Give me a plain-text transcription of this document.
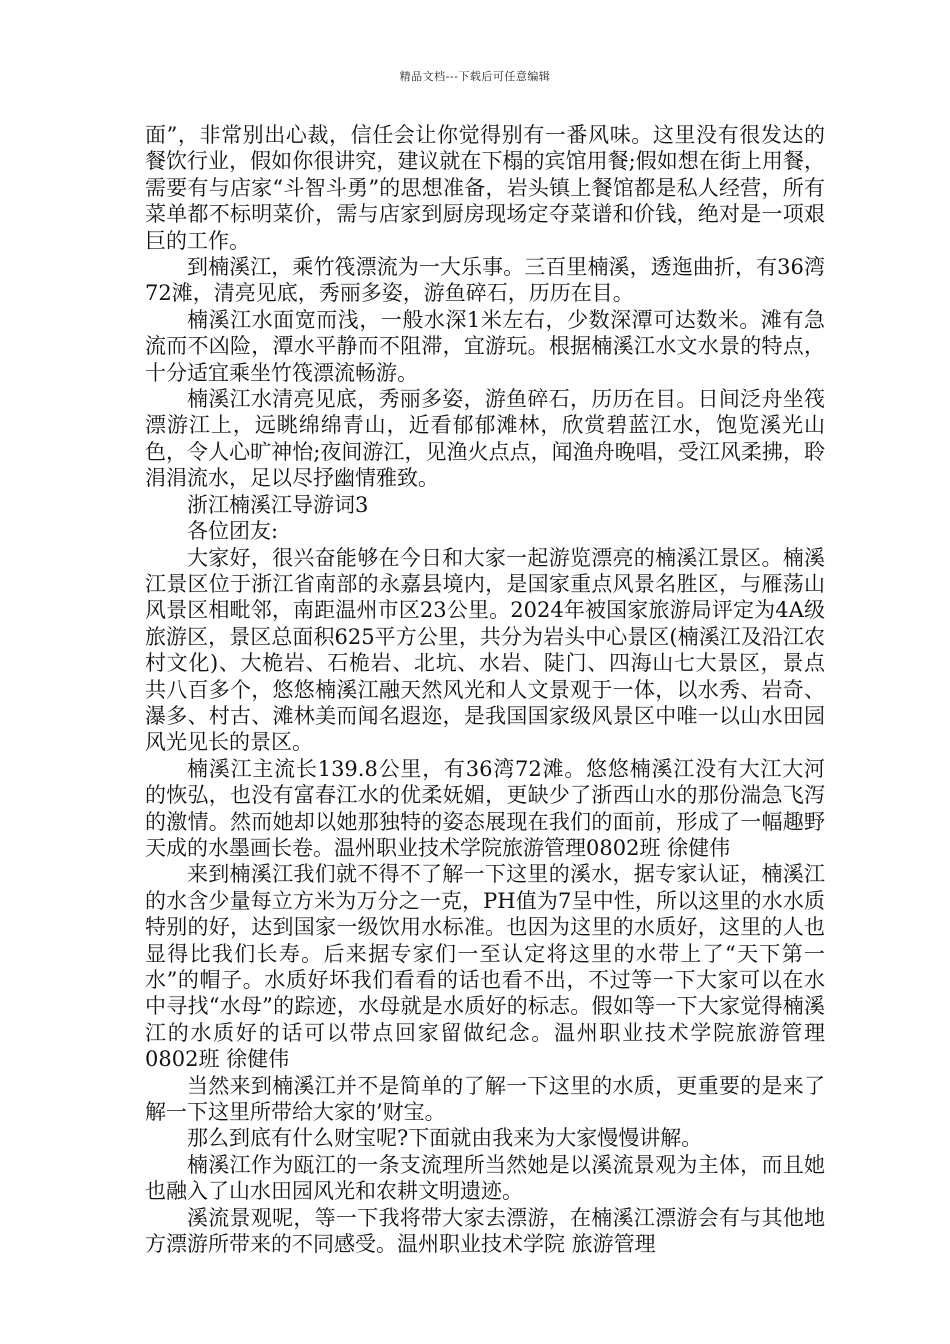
精品文档---下载后可任意编辑

面”，非常别出心裁，信任会让你觉得别有一番风味。这里没有很发达的餐饮行业，假如你很讲究，建议就在下榻的宾馆用餐;假如想在街上用餐，需要有与店家“斗智斗勇”的思想准备，岩头镇上餐馆都是私人经营，所有菜单都不标明菜价，需与店家到厨房现场定夺菜谱和价钱，绝对是一项艰巨的工作。

到楠溪江，乘竹筏漂流为一大乐事。三百里楠溪，透迤曲折，有36湾72滩，清亮见底，秀丽多姿，游鱼碎石，历历在目。

楠溪江水面宽而浅，一般水深1米左右，少数深潭可达数米。滩有急流而不凶险，潭水平静而不阻滞，宜游玩。根据楠溪江水文水景的特点，十分适宜乘坐竹筏漂流畅游。

楠溪江水清亮见底，秀丽多姿，游鱼碎石，历历在目。日间泛舟坐筏漂游江上，远眺绵绵青山，近看郁郁滩林，欣赏碧蓝江水，饱览溪光山色，令人心旷神怡;夜间游江，见渔火点点，闻渔舟晚唱，受江风柔拂，聆涓涓流水，足以尽抒幽情雅致。

浙江楠溪江导游词3

各位团友:

大家好，很兴奋能够在今日和大家一起游览漂亮的楠溪江景区。楠溪江景区位于浙江省南部的永嘉县境内，是国家重点风景名胜区，与雁荡山风景区相毗邻，南距温州市区23公里。2024年被国家旅游局评定为4A级旅游区，景区总面积625平方公里，共分为岩头中心景区(楠溪江及沿江农村文化)、大桅岩、石桅岩、北坑、水岩、陡门、四海山七大景区，景点共八百多个，悠悠楠溪江融天然风光和人文景观于一体，以水秀、岩奇、瀑多、村古、滩林美而闻名遐迩，是我国国家级风景区中唯一以山水田园风光见长的景区。

楠溪江主流长139.8公里，有36湾72滩。悠悠楠溪江没有大江大河的恢弘，也没有富春江水的优柔妩媚，更缺少了浙西山水的那份湍急飞泻的激情。然而她却以她那独特的姿态展现在我们的面前，形成了一幅趣野天成的水墨画长卷。温州职业技术学院旅游管理0802班 徐健伟

来到楠溪江我们就不得不了解一下这里的溪水，据专家认证，楠溪江的水含少量每立方米为万分之一克，PH值为7呈中性，所以这里的水水质特别的好，达到国家一级饮用水标准。也因为这里的水质好，这里的人也显得比我们长寿。后来据专家们一至认定将这里的水带上了“天下第一水”的帽子。水质好坏我们看看的话也看不出，不过等一下大家可以在水中寻找“水母”的踪迹，水母就是水质好的标志。假如等一下大家觉得楠溪江的水质好的话可以带点回家留做纪念。温州职业技术学院旅游管理0802班 徐健伟

当然来到楠溪江并不是简单的了解一下这里的水质，更重要的是来了解一下这里所带给大家的’财宝。

那么到底有什么财宝呢?下面就由我来为大家慢慢讲解。

楠溪江作为瓯江的一条支流理所当然她是以溪流景观为主体，而且她也融入了山水田园风光和农耕文明遗迹。

溪流景观呢，等一下我将带大家去漂游，在楠溪江漂游会有与其他地方漂游所带来的不同感受。温州职业技术学院 旅游管理
